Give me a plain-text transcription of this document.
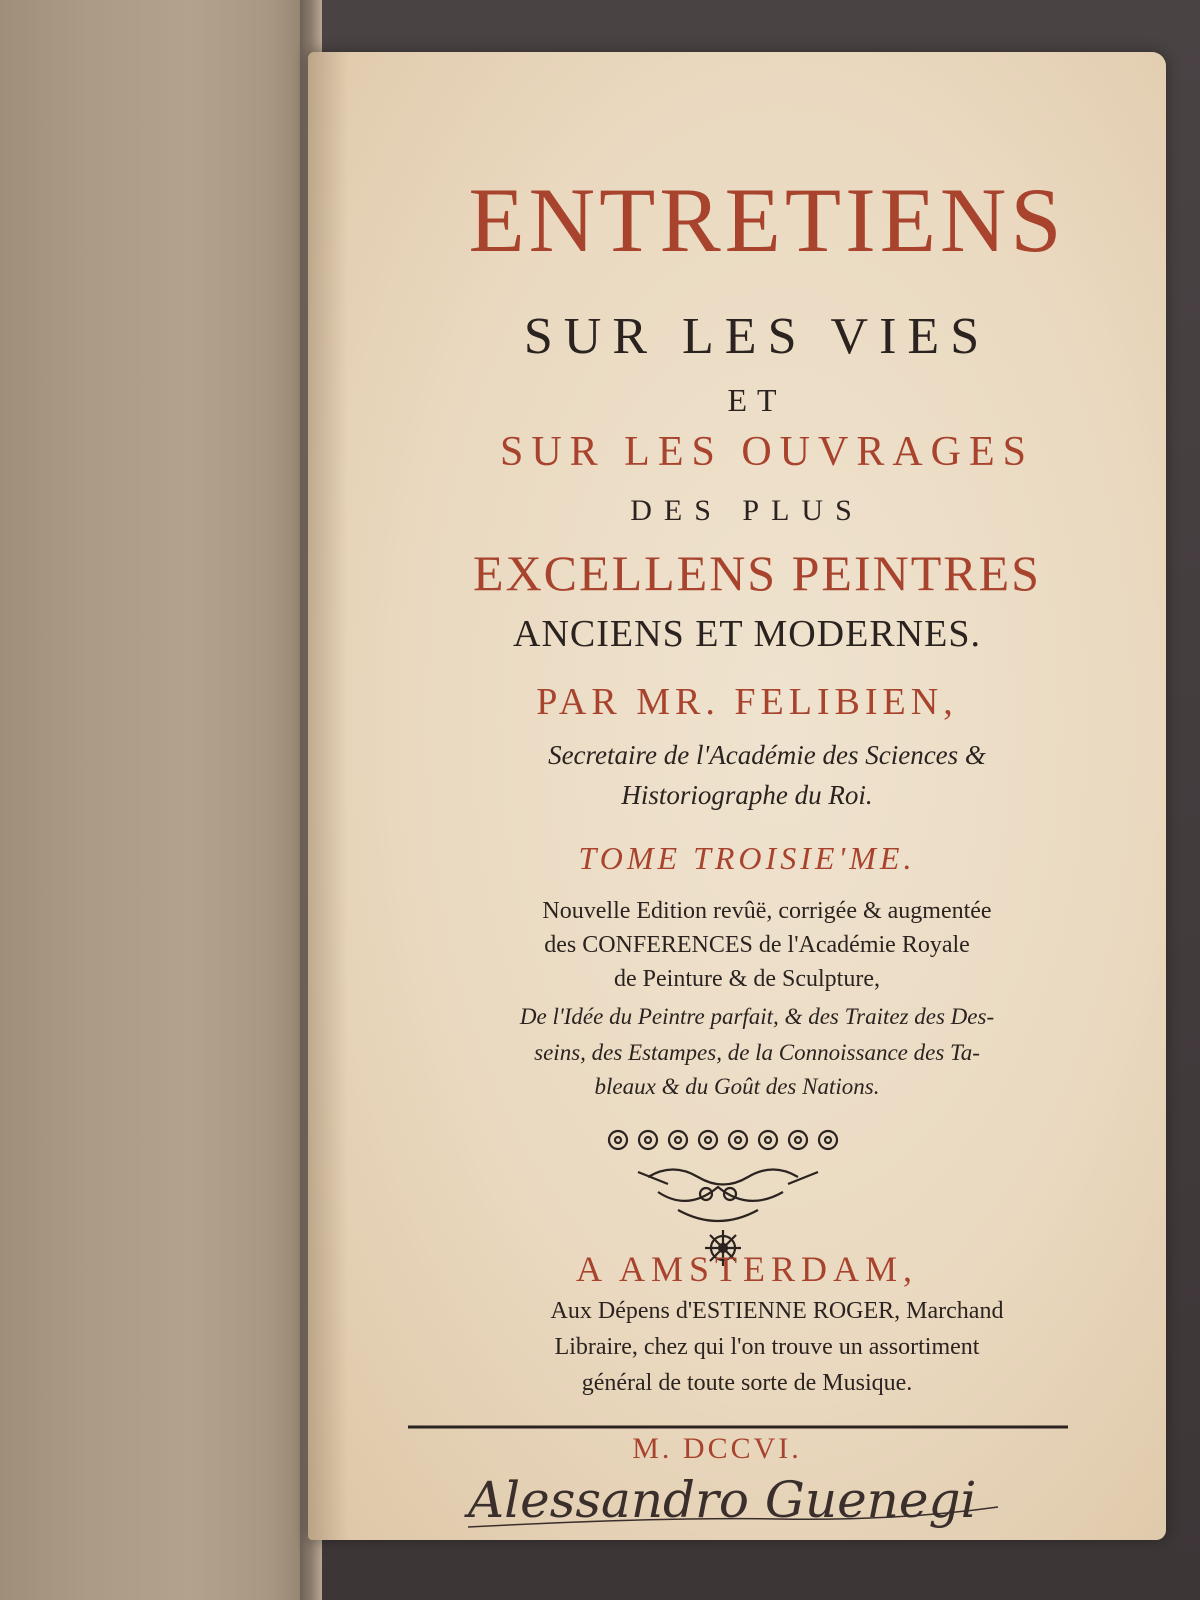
ENTRETIENS
SUR LES VIES
ET
SUR LES OUVRAGES
DES PLUS
EXCELLENS PEINTRES
ANCIENS ET MODERNES.
PAR MR. FELIBIEN,
Secretaire de l'Académie des Sciences &
Historiographe du Roi.
TOME TROISIE'ME.
Nouvelle Edition revûë, corrigée & augmentée
des CONFERENCES de l'Académie Royale
de Peinture & de Sculpture,
De l'Idée du Peintre parfait, & des Traitez des Des-
seins, des Estampes, de la Connoissance des Ta-
bleaux & du Goût des Nations.
A AMSTERDAM,
Aux Dépens d'ESTIENNE ROGER, Marchand
Libraire, chez qui l'on trouve un assortiment
général de toute sorte de Musique.
M. DCCVI.
Alessandro Guenegi
